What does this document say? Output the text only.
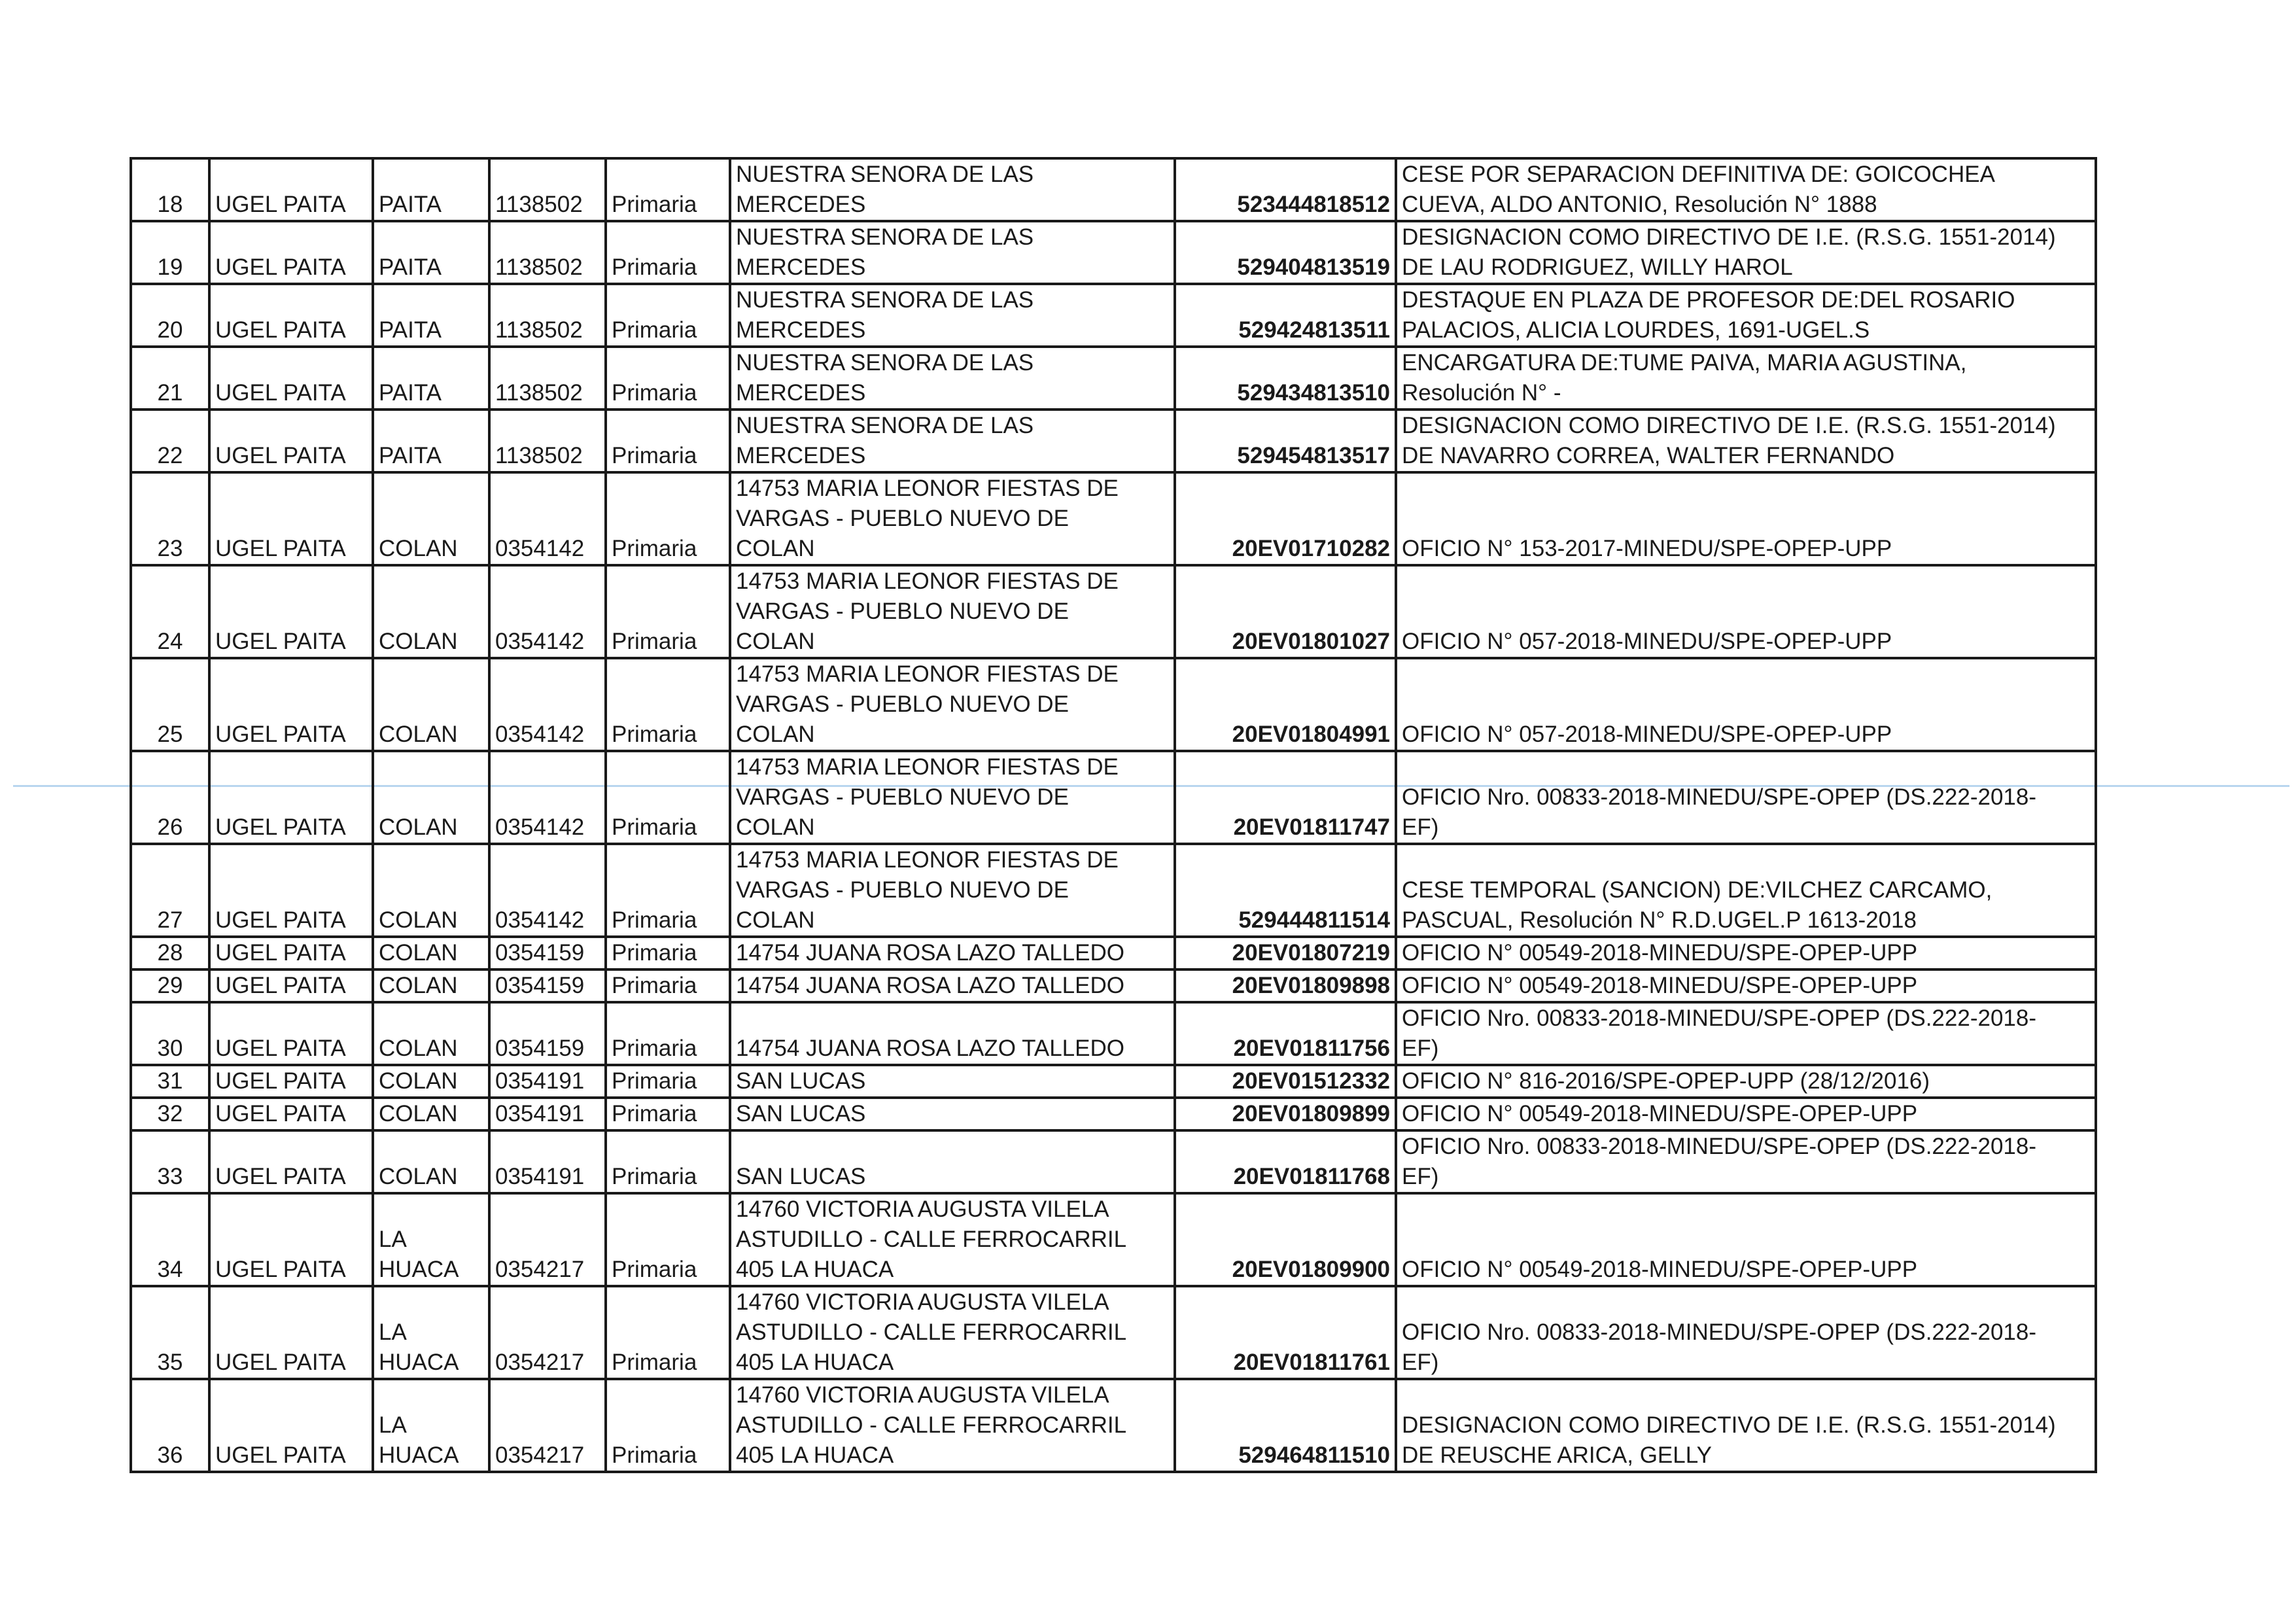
18	UGEL PAITA	PAITA	1138502	Primaria	NUESTRA SENORA DE LAS
MERCEDES	523444818512	CESE POR SEPARACION DEFINITIVA DE: GOICOCHEA
CUEVA, ALDO ANTONIO, Resolución N° 1888
19	UGEL PAITA	PAITA	1138502	Primaria	NUESTRA SENORA DE LAS
MERCEDES	529404813519	DESIGNACION COMO DIRECTIVO DE I.E. (R.S.G. 1551-2014)
DE LAU RODRIGUEZ, WILLY HAROL
20	UGEL PAITA	PAITA	1138502	Primaria	NUESTRA SENORA DE LAS
MERCEDES	529424813511	DESTAQUE EN PLAZA DE PROFESOR DE:DEL ROSARIO
PALACIOS, ALICIA LOURDES, 1691-UGEL.S
21	UGEL PAITA	PAITA	1138502	Primaria	NUESTRA SENORA DE LAS
MERCEDES	529434813510	ENCARGATURA DE:TUME PAIVA, MARIA AGUSTINA,
Resolución N° -
22	UGEL PAITA	PAITA	1138502	Primaria	NUESTRA SENORA DE LAS
MERCEDES	529454813517	DESIGNACION COMO DIRECTIVO DE I.E. (R.S.G. 1551-2014)
DE NAVARRO CORREA, WALTER FERNANDO
23	UGEL PAITA	COLAN	0354142	Primaria	14753 MARIA LEONOR FIESTAS DE
VARGAS - PUEBLO NUEVO DE
COLAN	20EV01710282	OFICIO N° 153-2017-MINEDU/SPE-OPEP-UPP
24	UGEL PAITA	COLAN	0354142	Primaria	14753 MARIA LEONOR FIESTAS DE
VARGAS - PUEBLO NUEVO DE
COLAN	20EV01801027	OFICIO N° 057-2018-MINEDU/SPE-OPEP-UPP
25	UGEL PAITA	COLAN	0354142	Primaria	14753 MARIA LEONOR FIESTAS DE
VARGAS - PUEBLO NUEVO DE
COLAN	20EV01804991	OFICIO N° 057-2018-MINEDU/SPE-OPEP-UPP
26	UGEL PAITA	COLAN	0354142	Primaria	14753 MARIA LEONOR FIESTAS DE
VARGAS - PUEBLO NUEVO DE
COLAN	20EV01811747	OFICIO Nro. 00833-2018-MINEDU/SPE-OPEP (DS.222-2018-
EF)
27	UGEL PAITA	COLAN	0354142	Primaria	14753 MARIA LEONOR FIESTAS DE
VARGAS - PUEBLO NUEVO DE
COLAN	529444811514	CESE TEMPORAL (SANCION) DE:VILCHEZ CARCAMO,
PASCUAL, Resolución N° R.D.UGEL.P 1613-2018
28	UGEL PAITA	COLAN	0354159	Primaria	14754 JUANA ROSA LAZO TALLEDO	20EV01807219	OFICIO N° 00549-2018-MINEDU/SPE-OPEP-UPP
29	UGEL PAITA	COLAN	0354159	Primaria	14754 JUANA ROSA LAZO TALLEDO	20EV01809898	OFICIO N° 00549-2018-MINEDU/SPE-OPEP-UPP
30	UGEL PAITA	COLAN	0354159	Primaria	14754 JUANA ROSA LAZO TALLEDO	20EV01811756	OFICIO Nro. 00833-2018-MINEDU/SPE-OPEP (DS.222-2018-
EF)
31	UGEL PAITA	COLAN	0354191	Primaria	SAN LUCAS	20EV01512332	OFICIO N° 816-2016/SPE-OPEP-UPP (28/12/2016)
32	UGEL PAITA	COLAN	0354191	Primaria	SAN LUCAS	20EV01809899	OFICIO N° 00549-2018-MINEDU/SPE-OPEP-UPP
33	UGEL PAITA	COLAN	0354191	Primaria	SAN LUCAS	20EV01811768	OFICIO Nro. 00833-2018-MINEDU/SPE-OPEP (DS.222-2018-
EF)
34	UGEL PAITA	LA
HUACA	0354217	Primaria	14760 VICTORIA AUGUSTA VILELA
ASTUDILLO - CALLE FERROCARRIL
405 LA HUACA	20EV01809900	OFICIO N° 00549-2018-MINEDU/SPE-OPEP-UPP
35	UGEL PAITA	LA
HUACA	0354217	Primaria	14760 VICTORIA AUGUSTA VILELA
ASTUDILLO - CALLE FERROCARRIL
405 LA HUACA	20EV01811761	OFICIO Nro. 00833-2018-MINEDU/SPE-OPEP (DS.222-2018-
EF)
36	UGEL PAITA	LA
HUACA	0354217	Primaria	14760 VICTORIA AUGUSTA VILELA
ASTUDILLO - CALLE FERROCARRIL
405 LA HUACA	529464811510	DESIGNACION COMO DIRECTIVO DE I.E. (R.S.G. 1551-2014)
DE REUSCHE ARICA, GELLY
